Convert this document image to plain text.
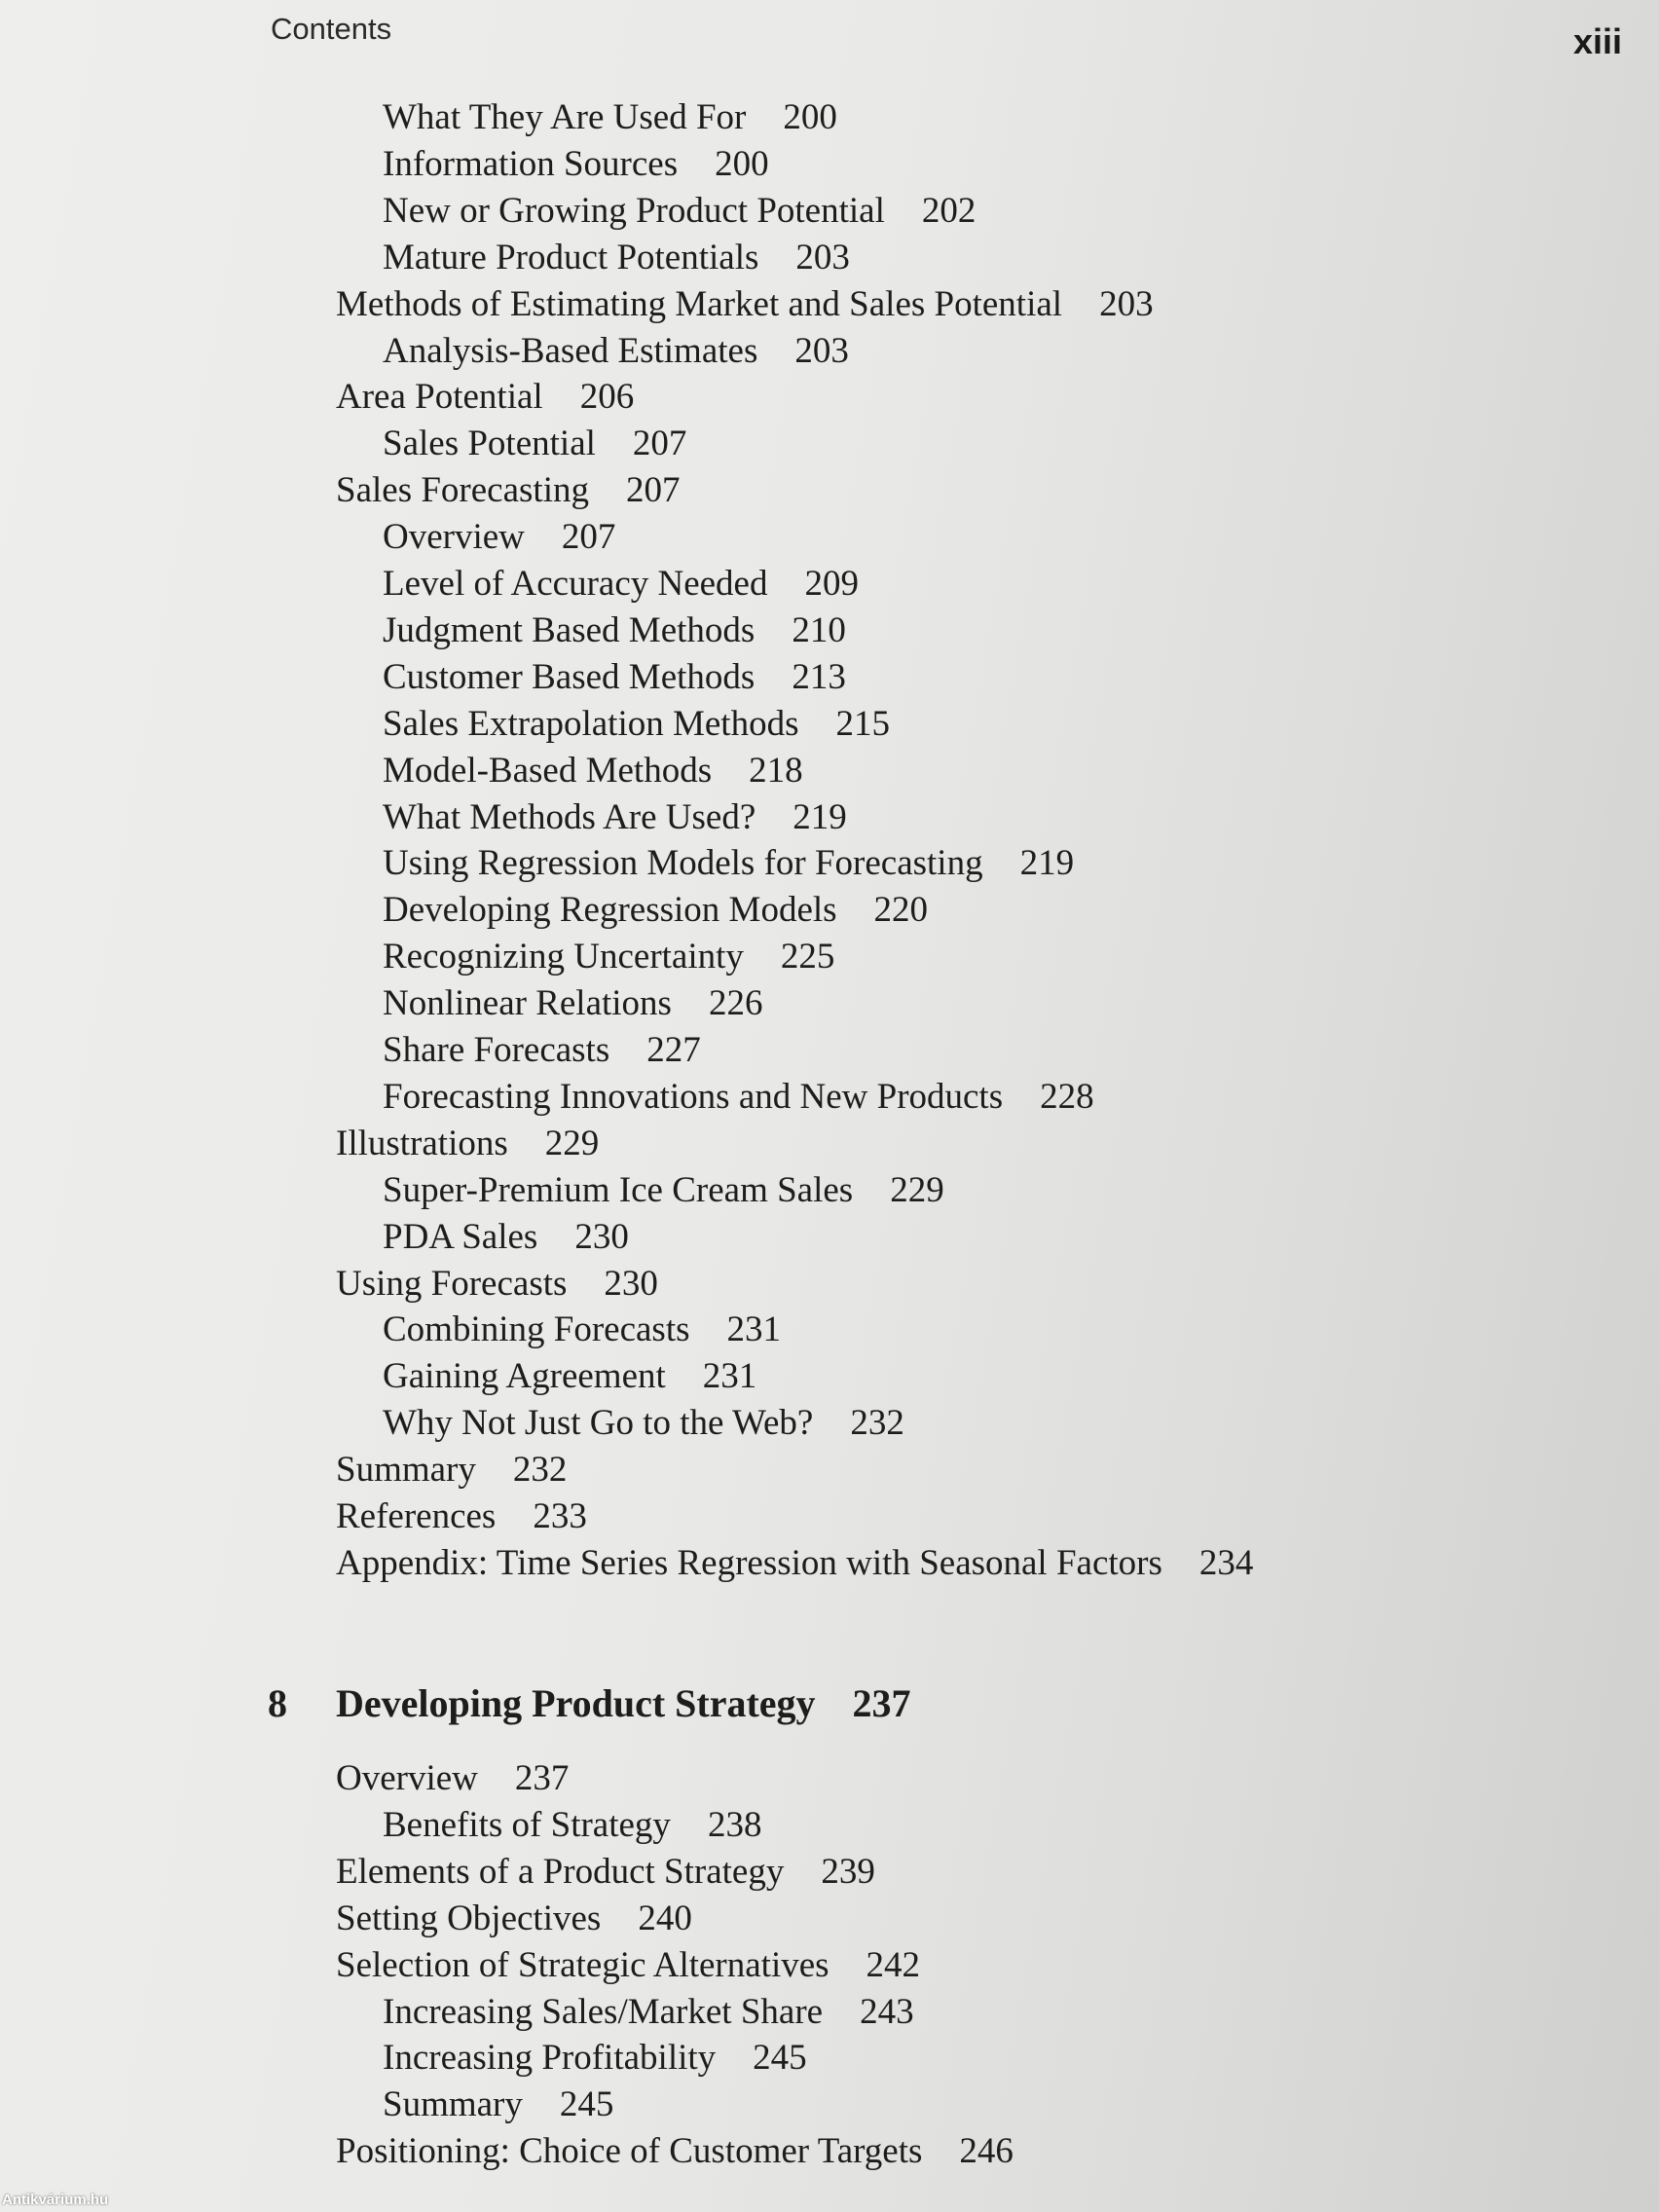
Contents	xiii

What They Are Used For 200
Information Sources 200
New or Growing Product Potential 202
Mature Product Potentials 203
Methods of Estimating Market and Sales Potential 203
Analysis-Based Estimates 203
Area Potential 206
Sales Potential 207
Sales Forecasting 207
Overview 207
Level of Accuracy Needed 209
Judgment Based Methods 210
Customer Based Methods 213
Sales Extrapolation Methods 215
Model-Based Methods 218
What Methods Are Used? 219
Using Regression Models for Forecasting 219
Developing Regression Models 220
Recognizing Uncertainty 225
Nonlinear Relations 226
Share Forecasts 227
Forecasting Innovations and New Products 228
Illustrations 229
Super-Premium Ice Cream Sales 229
PDA Sales 230
Using Forecasts 230
Combining Forecasts 231
Gaining Agreement 231
Why Not Just Go to the Web? 232
Summary 232
References 233
Appendix: Time Series Regression with Seasonal Factors 234
8 Developing Product Strategy 237
Overview 237
Benefits of Strategy 238
Elements of a Product Strategy 239
Setting Objectives 240
Selection of Strategic Alternatives 242
Increasing Sales/Market Share 243
Increasing Profitability 245
Summary 245
Positioning: Choice of Customer Targets 246
Antikvárium.hu
